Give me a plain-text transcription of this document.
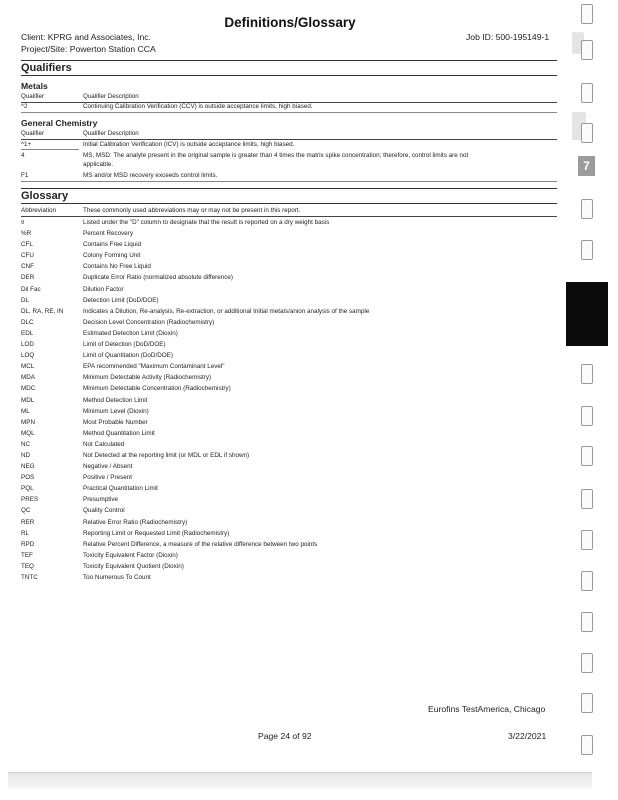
Definitions/Glossary
Client: KPRG and Associates, Inc.
Project/Site: Powerton Station CCA
Job ID: 500-195149-1
Qualifiers
Metals
Qualifier	Qualifier Description
^2	Continuing Calibration Verification (CCV) is outside acceptance limits, high biased.
General Chemistry
Qualifier	Qualifier Description
^1+	Initial Calibration Verification (ICV) is outside acceptance limits, high biased.
4	MS, MSD: The analyte present in the original sample is greater than 4 times the matrix spike concentration; therefore, control limits are not
applicable.
F1	MS and/or MSD recovery exceeds control limits.
Glossary
Abbreviation	These commonly used abbreviations may or may not be present in this report.
¤	Listed under the "D" column to designate that the result is reported on a dry weight basis
%R	Percent Recovery
CFL	Contains Free Liquid
CFU	Colony Forming Unit
CNF	Contains No Free Liquid
DER	Duplicate Error Ratio (normalized absolute difference)
Dil Fac	Dilution Factor
DL	Detection Limit (DoD/DOE)
DL, RA, RE, IN	Indicates a Dilution, Re-analysis, Re-extraction, or additional Initial metals/anion analysis of the sample
DLC	Decision Level Concentration (Radiochemistry)
EDL	Estimated Detection Limit (Dioxin)
LOD	Limit of Detection (DoD/DOE)
LOQ	Limit of Quantitation (DoD/DOE)
MCL	EPA recommended "Maximum Contaminant Level"
MDA	Minimum Detectable Activity (Radiochemistry)
MDC	Minimum Detectable Concentration (Radiochemistry)
MDL	Method Detection Limit
ML	Minimum Level (Dioxin)
MPN	Most Probable Number
MQL	Method Quantitation Limit
NC	Not Calculated
ND	Not Detected at the reporting limit (or MDL or EDL if shown)
NEG	Negative / Absent
POS	Positive / Present
PQL	Practical Quantitation Limit
PRES	Presumptive
QC	Quality Control
RER	Relative Error Ratio (Radiochemistry)
RL	Reporting Limit or Requested Limit (Radiochemistry)
RPD	Relative Percent Difference, a measure of the relative difference between two points
TEF	Toxicity Equivalent Factor (Dioxin)
TEQ	Toxicity Equivalent Quotient (Dioxin)
TNTC	Too Numerous To Count
Eurofins TestAmerica, Chicago
Page 24 of 92	3/22/2021
7
